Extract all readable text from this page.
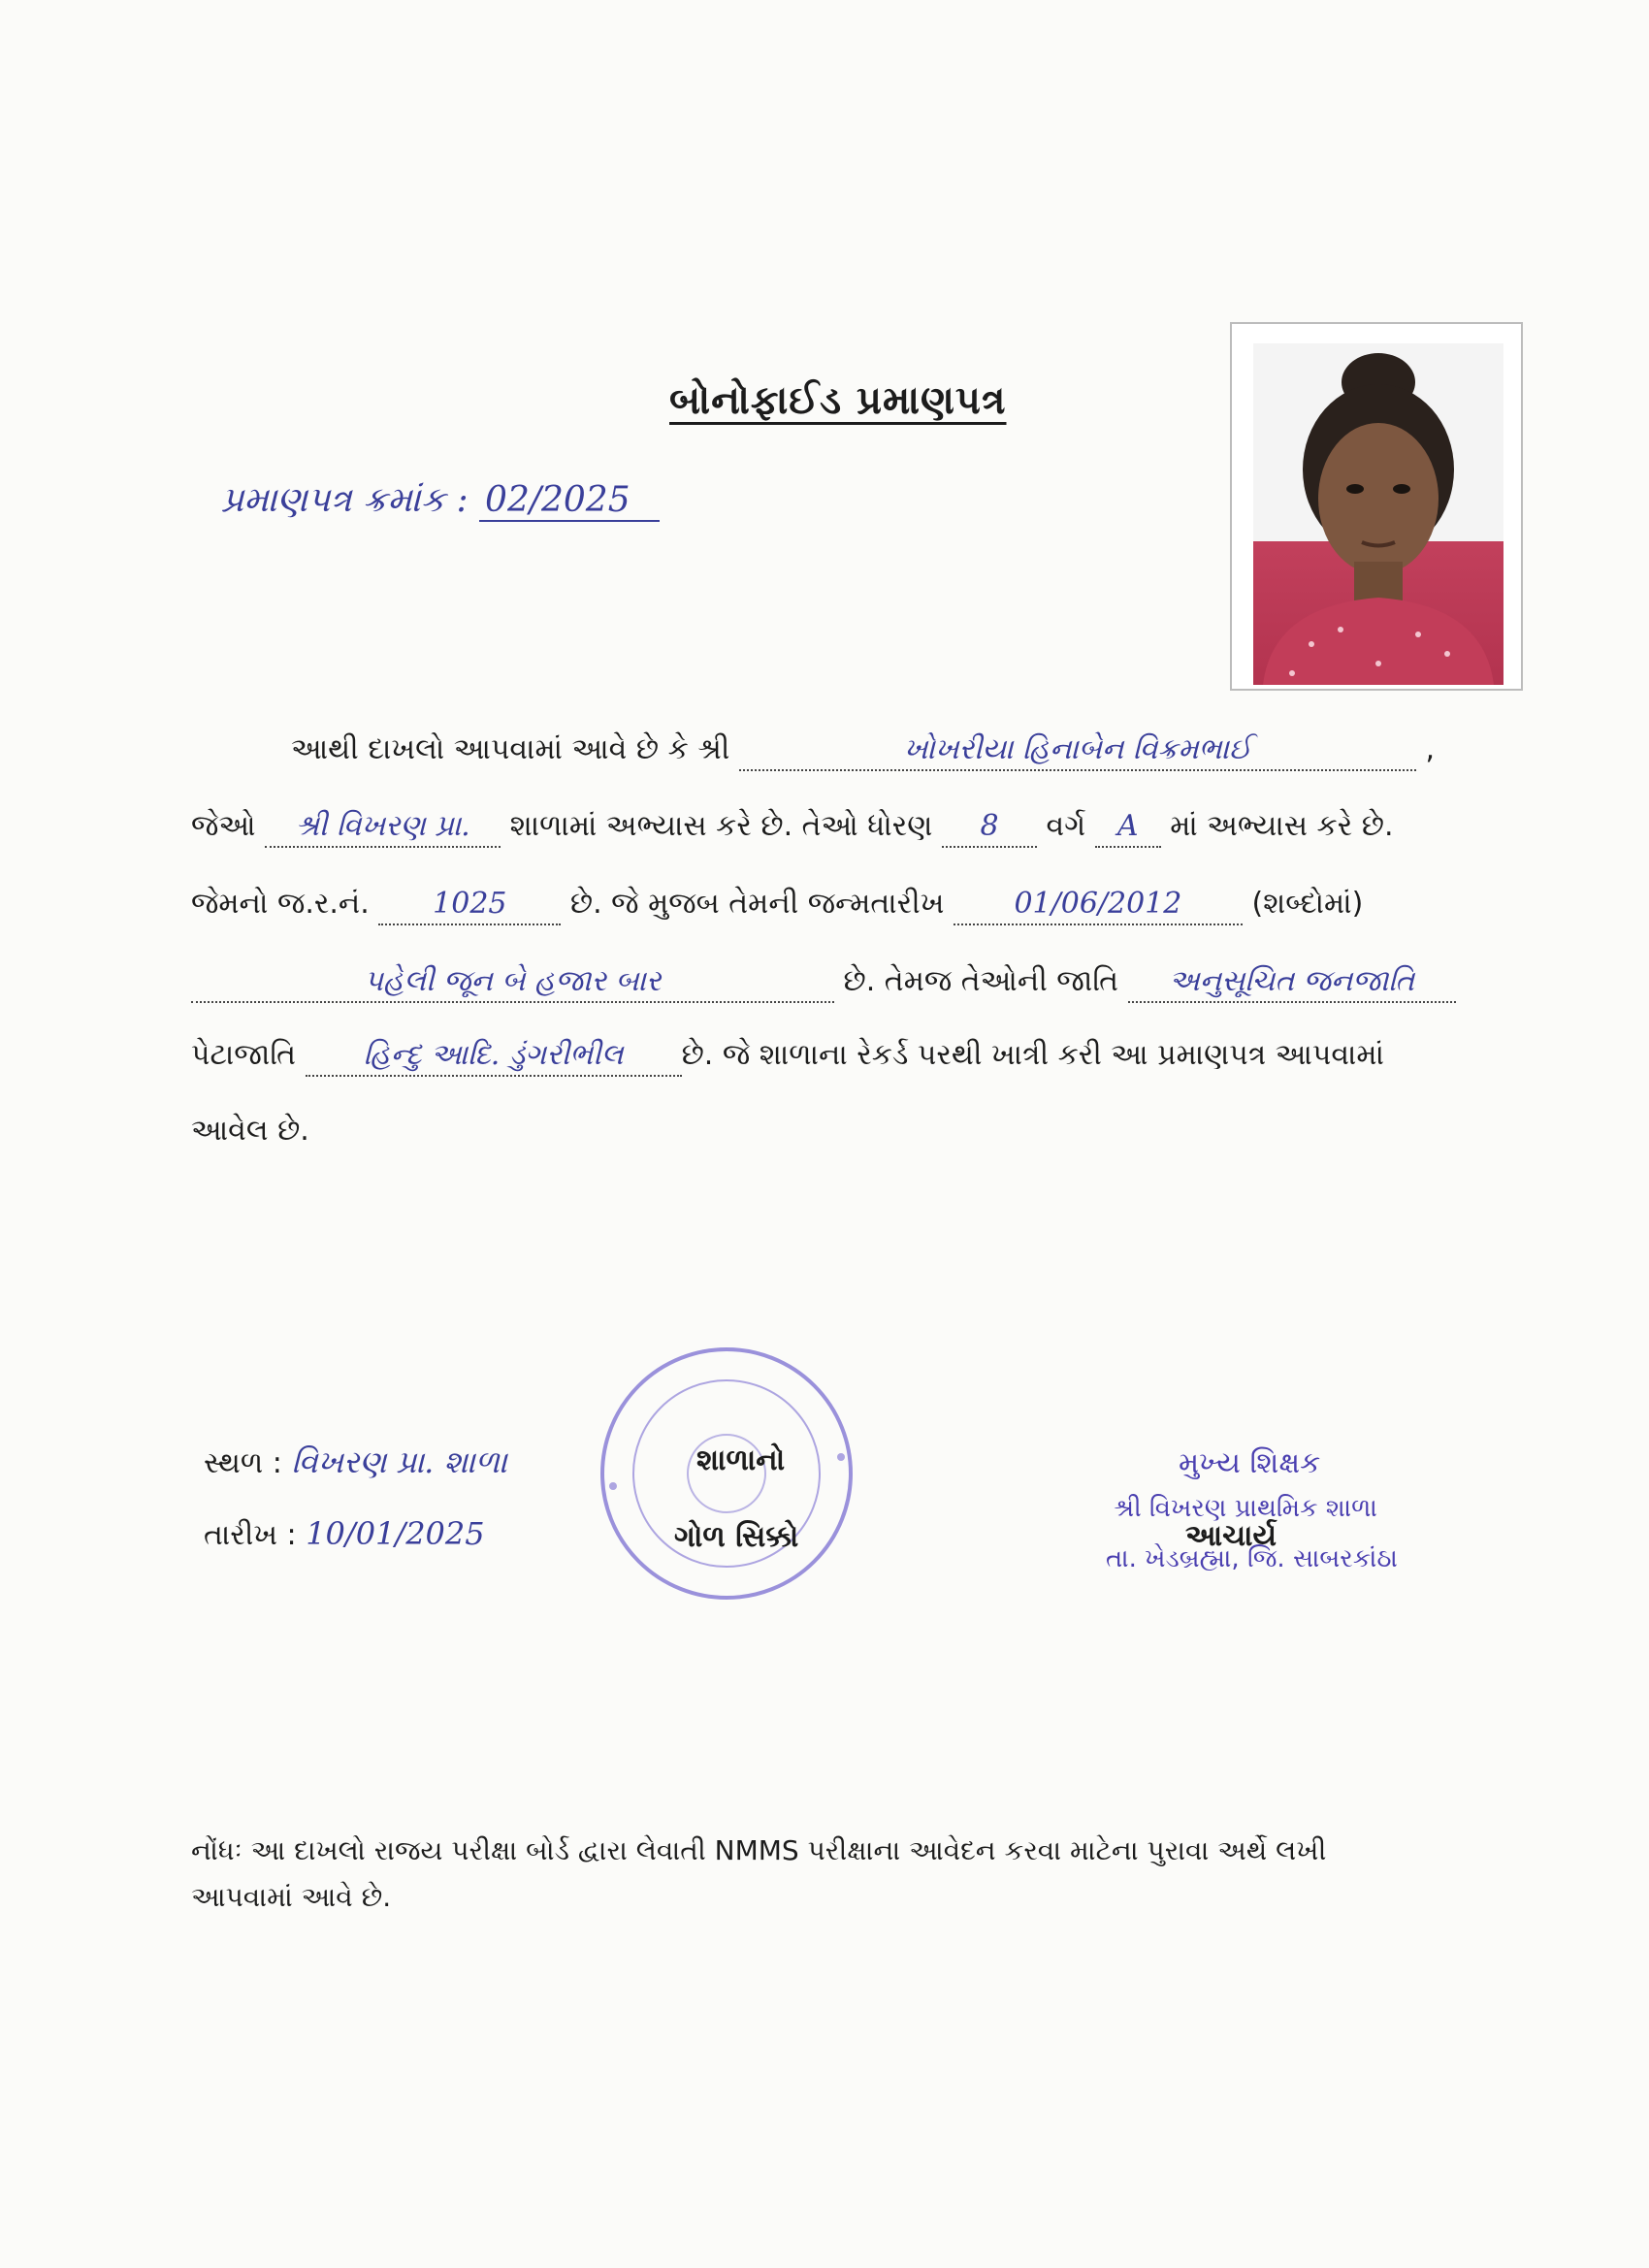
બોનોફાઈડ પ્રમાણપત્ર
પ્રમાણપત્ર ક્રમાંક : 02/2025
આથી દાખલો આપવામાં આવે છે કે શ્રી	ખોખરીયા હિનાબેન વિક્રમભાઈ	,
જેઓ શ્રી વિખરણ પ્રા. શાળામાં અભ્યાસ કરે છે. તેઓ ધોરણ 8 વર્ગ A માં અભ્યાસ કરે છે.
જેમનો જ.ર.નં. 1025 છે. જે મુજબ તેમની જન્મતારીખ 01/06/2012 (શબ્દોમાં)
પહેલી જૂન બે હજાર બાર	છે. તેમજ તેઓની જાતિ અનુસૂચિત જનજાતિ
પેટાજાતિ હિન્દુ આદિ. ડુંગરીભીલ છે. જે શાળાના રેકર્ડ પરથી ખાત્રી કરી આ પ્રમાણપત્ર આપવામાં
આવેલ છે.
સ્થળ : વિખરણ પ્રા. શાળા
તારીખ : 10/01/2025
શાળાનો
ગોળ સિક્કો
મુખ્ય શિક્ષક
શ્રી વિખરણ પ્રાથમિક શાળા
આચાર્ય
તા. ખેડબ્રહ્મા, જિ. સાબરકાંઠા
નોંધઃ આ દાખલો રાજય પરીક્ષા બોર્ડ દ્વારા લેવાતી NMMS પરીક્ષાના આવેદન કરવા માટેના પુરાવા અર્થે લખી
આપવામાં આવે છે.
